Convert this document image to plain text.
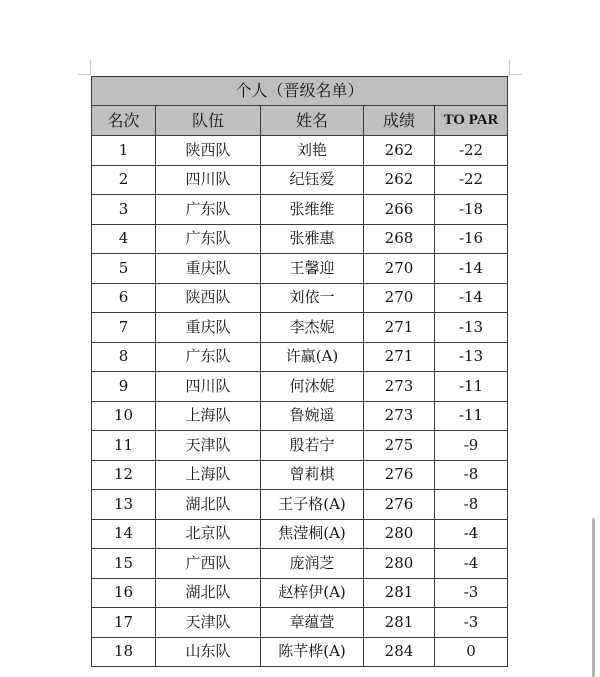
个人（晋级名单）				
名次	队伍	姓名	成绩	TO PAR
1	陕西队	刘艳	262	-22
2	四川队	纪钰爱	262	-22
3	广东队	张维维	266	-18
4	广东队	张雅惠	268	-16
5	重庆队	王馨迎	270	-14
6	陕西队	刘依一	270	-14
7	重庆队	李杰妮	271	-13
8	广东队	许赢(A)	271	-13
9	四川队	何沐妮	273	-11
10	上海队	鲁婉遥	273	-11
11	天津队	殷若宁	275	-9
12	上海队	曾莉棋	276	-8
13	湖北队	王子格(A)	276	-8
14	北京队	焦滢桐(A)	280	-4
15	广西队	庞润芝	280	-4
16	湖北队	赵梓伊(A)	281	-3
17	天津队	章蕴萱	281	-3
18	山东队	陈芊桦(A)	284	0
